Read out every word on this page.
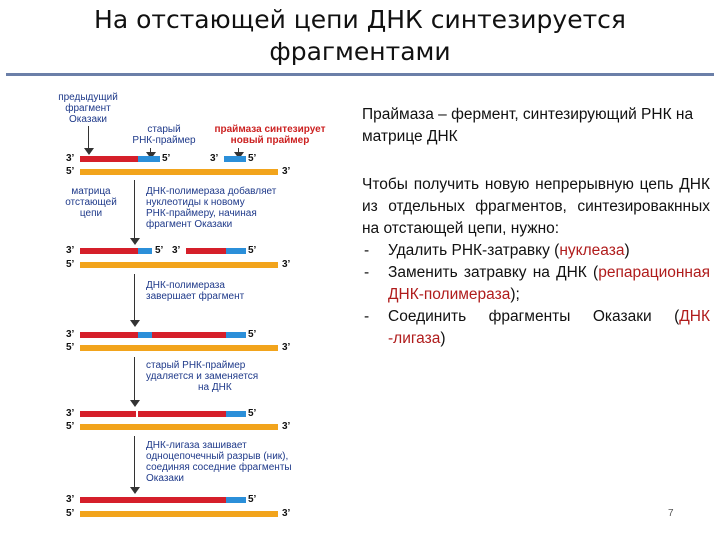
На отстающей цепи ДНК синтезируется
фрагментами
предыдущий
фрагмент
Оказаки
старый
РНК-праймер
праймаза синтезирует
новый праймер
3’	5’	3’	5’
5’	3’
матрица
отстающей
цепи
ДНК-полимераза добавляет
нуклеотиды к новому
РНК-праймеру, начиная
фрагмент Оказаки
3’	5’ 3’	5’
5’	3’
ДНК-полимераза
завершает фрагмент
3’	5’
5’	3’
старый РНК-праймер
удаляется и заменяется
на ДНК
3’	5’
5’	3’
ДНК-лигаза зашивает
одноцепочечный разрыв (ник),
соединяя соседние фрагменты
Оказаки
3’	5’
5’	3’
Праймаза – фермент, синтезирующий РНК на матрице ДНК
Чтобы получить новую непрерывную цепь ДНК из отдельных фрагментов, синтезировакнных на отстающей цепи, нужно:
- Удалить РНК-затравку (нуклеаза)
- Заменить затравку на ДНК (репарационная ДНК-полимераза);
- Соединить фрагменты Оказаки (ДНК -лигаза)
7
